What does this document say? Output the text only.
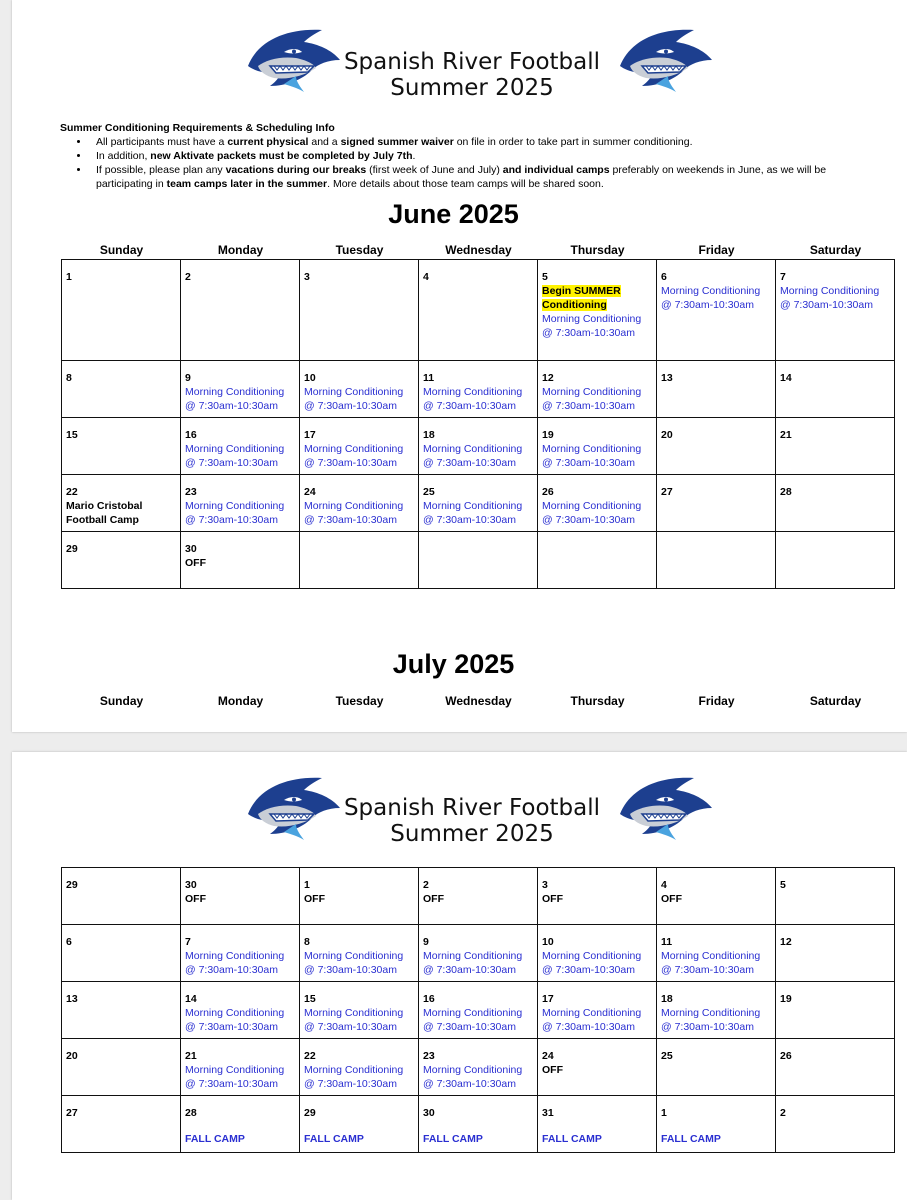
Spanish River Football
Summer 2025
Summer Conditioning Requirements & Scheduling Info
• All participants must have a current physical and a signed summer waiver on file in order to take part in summer conditioning.
• In addition, new Aktivate packets must be completed by July 7th.
• If possible, please plan any vacations during our breaks (first week of June and July) and individual camps preferably on weekends in June, as we will be participating in team camps later in the summer. More details about those team camps will be shared soon.
June 2025
Sunday	Monday	Tuesday	Wednesday	Thursday	Friday	Saturday
1	2	3	4	5
Begin SUMMER
Conditioning
Morning Conditioning
@ 7:30am-10:30am	6
Morning Conditioning
@ 7:30am-10:30am	7
Morning Conditioning
@ 7:30am-10:30am

8	9
Morning Conditioning
@ 7:30am-10:30am	10
Morning Conditioning
@ 7:30am-10:30am	11
Morning Conditioning
@ 7:30am-10:30am	12
Morning Conditioning
@ 7:30am-10:30am	13	14

15	16
Morning Conditioning
@ 7:30am-10:30am	17
Morning Conditioning
@ 7:30am-10:30am	18
Morning Conditioning
@ 7:30am-10:30am	19
Morning Conditioning
@ 7:30am-10:30am	20	21

22
Mario Cristobal
Football Camp	23
Morning Conditioning
@ 7:30am-10:30am	24
Morning Conditioning
@ 7:30am-10:30am	25
Morning Conditioning
@ 7:30am-10:30am	26
Morning Conditioning
@ 7:30am-10:30am	27	28

29	30
OFF					

July 2025
Sunday	Monday	Tuesday	Wednesday	Thursday	Friday	Saturday
Spanish River Football
Summer 2025
29	30
OFF	1
OFF	2
OFF	3
OFF	4
OFF	5

6	7
Morning Conditioning
@ 7:30am-10:30am	8
Morning Conditioning
@ 7:30am-10:30am	9
Morning Conditioning
@ 7:30am-10:30am	10
Morning Conditioning
@ 7:30am-10:30am	11
Morning Conditioning
@ 7:30am-10:30am	12

13	14
Morning Conditioning
@ 7:30am-10:30am	15
Morning Conditioning
@ 7:30am-10:30am	16
Morning Conditioning
@ 7:30am-10:30am	17
Morning Conditioning
@ 7:30am-10:30am	18
Morning Conditioning
@ 7:30am-10:30am	19

20	21
Morning Conditioning
@ 7:30am-10:30am	22
Morning Conditioning
@ 7:30am-10:30am	23
Morning Conditioning
@ 7:30am-10:30am	24
OFF	25	26

27	28
FALL CAMP	29
FALL CAMP	30
FALL CAMP	31
FALL CAMP	1
FALL CAMP	2
